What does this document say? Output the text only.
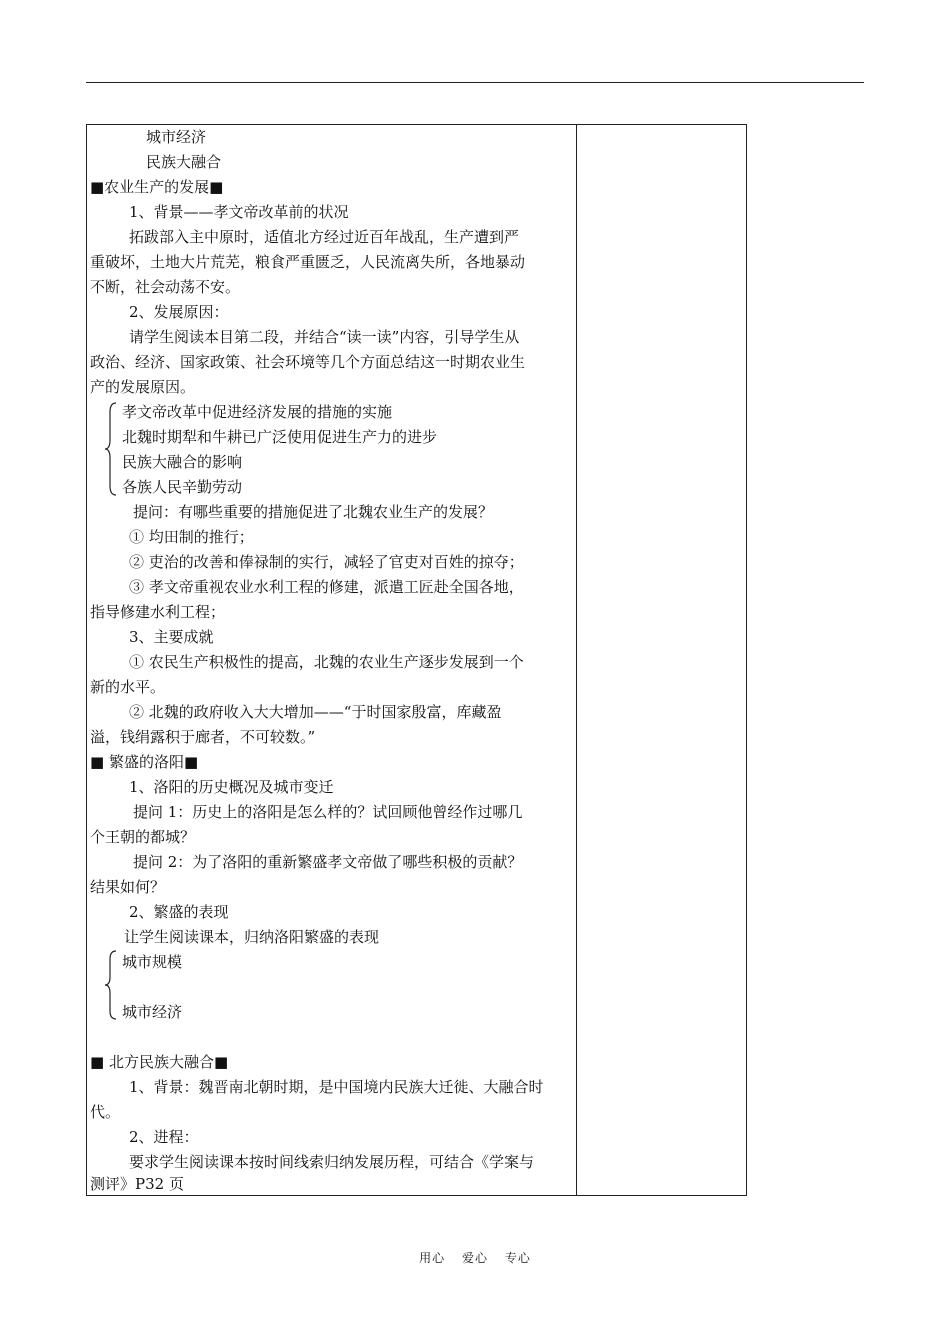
城市经济
民族大融合
■农业生产的发展■
1、背景——孝文帝改革前的状况
拓跋部入主中原时，适值北方经过近百年战乱，生产遭到严
重破坏，土地大片荒芜，粮食严重匮乏，人民流离失所，各地暴动
不断，社会动荡不安。
2、发展原因：
请学生阅读本目第二段，并结合“读一读”内容，引导学生从
政治、经济、国家政策、社会环境等几个方面总结这一时期农业生
产的发展原因。
孝文帝改革中促进经济发展的措施的实施
北魏时期犁和牛耕已广泛使用促进生产力的进步
民族大融合的影响
各族人民辛勤劳动
提问：有哪些重要的措施促进了北魏农业生产的发展？
① 均田制的推行；
② 吏治的改善和俸禄制的实行，减轻了官吏对百姓的掠夺；
③ 孝文帝重视农业水利工程的修建，派遣工匠赴全国各地，
指导修建水利工程；
3、主要成就
① 农民生产积极性的提高，北魏的农业生产逐步发展到一个
新的水平。
② 北魏的政府收入大大增加——“于时国家殷富，库藏盈
溢，钱绢露积于廊者，不可较数。”
■ 繁盛的洛阳■
1、洛阳的历史概况及城市变迁
提问 1：历史上的洛阳是怎么样的？试回顾他曾经作过哪几
个王朝的都城？
提问 2：为了洛阳的重新繁盛孝文帝做了哪些积极的贡献？
结果如何？
2、繁盛的表现
让学生阅读课本，归纳洛阳繁盛的表现
城市规模
城市经济
■ 北方民族大融合■
1、背景：魏晋南北朝时期，是中国境内民族大迁徙、大融合时
代。
2、进程：
要求学生阅读课本按时间线索归纳发展历程，可结合《学案与
测评》P32 页
用心 爱心 专心
